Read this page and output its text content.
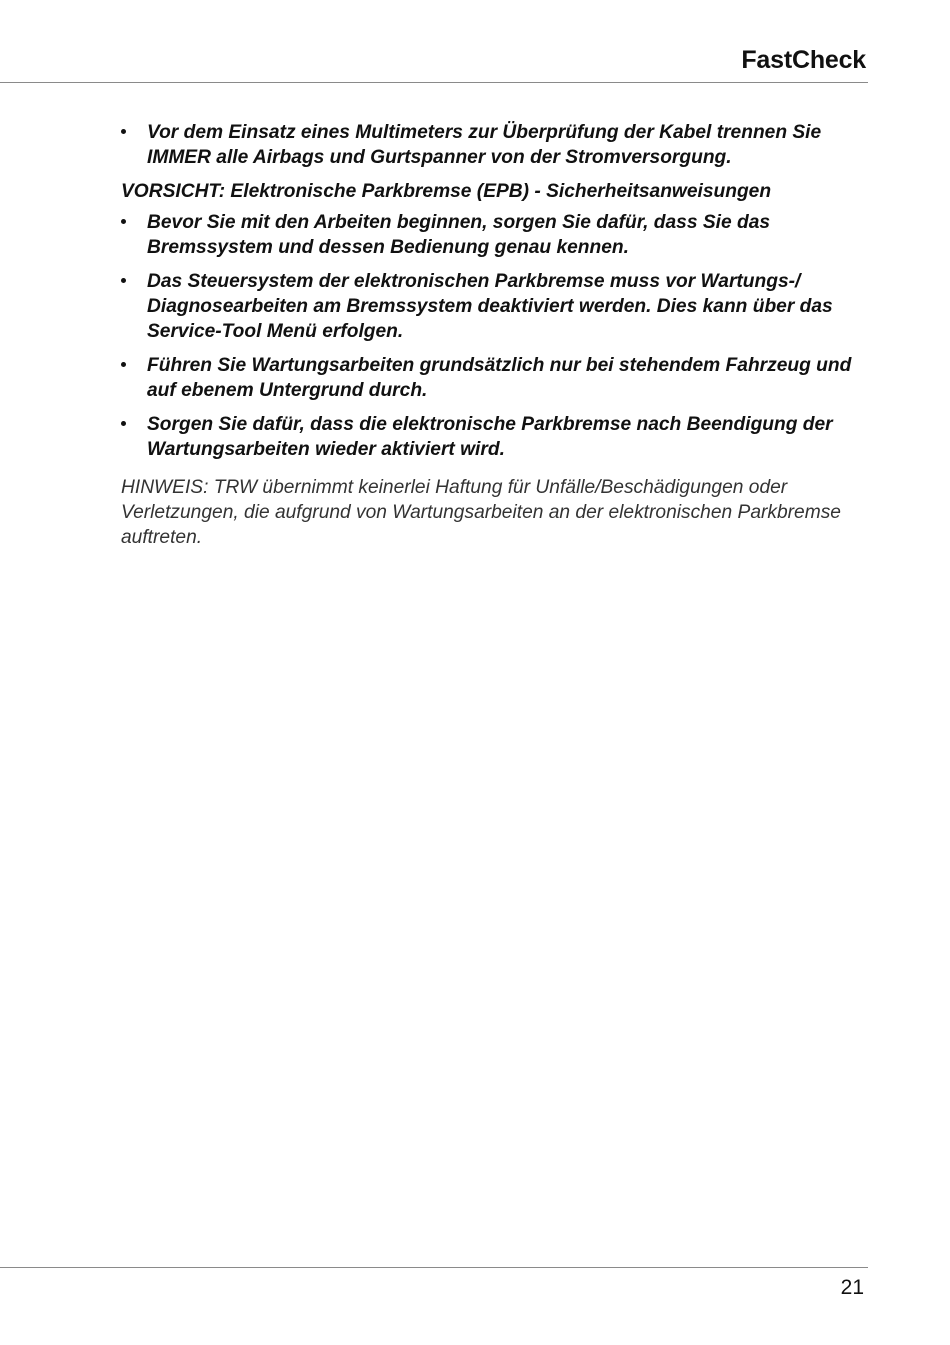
FastCheck
Vor dem Einsatz eines Multimeters zur Überprüfung der Kabel trennen Sie IMMER alle Airbags und Gurtspanner von der Stromversorgung.
VORSICHT: Elektronische Parkbremse (EPB) - Sicherheitsanweisungen
Bevor Sie mit den Arbeiten beginnen, sorgen Sie dafür, dass Sie das Bremssystem und dessen Bedienung genau kennen.
Das Steuersystem der elektronischen Parkbremse muss vor Wartungs-/ Diagnosearbeiten am Bremssystem deaktiviert werden. Dies kann über das Service-Tool Menü erfolgen.
Führen Sie Wartungsarbeiten grundsätzlich nur bei stehendem Fahrzeug und auf ebenem Untergrund durch.
Sorgen Sie dafür, dass die elektronische Parkbremse nach Beendigung der Wartungsarbeiten wieder aktiviert wird.

HINWEIS: TRW übernimmt keinerlei Haftung für Unfälle/Beschädigungen oder Verletzungen, die aufgrund von Wartungsarbeiten an der elektronischen Parkbremse auftreten.

21
